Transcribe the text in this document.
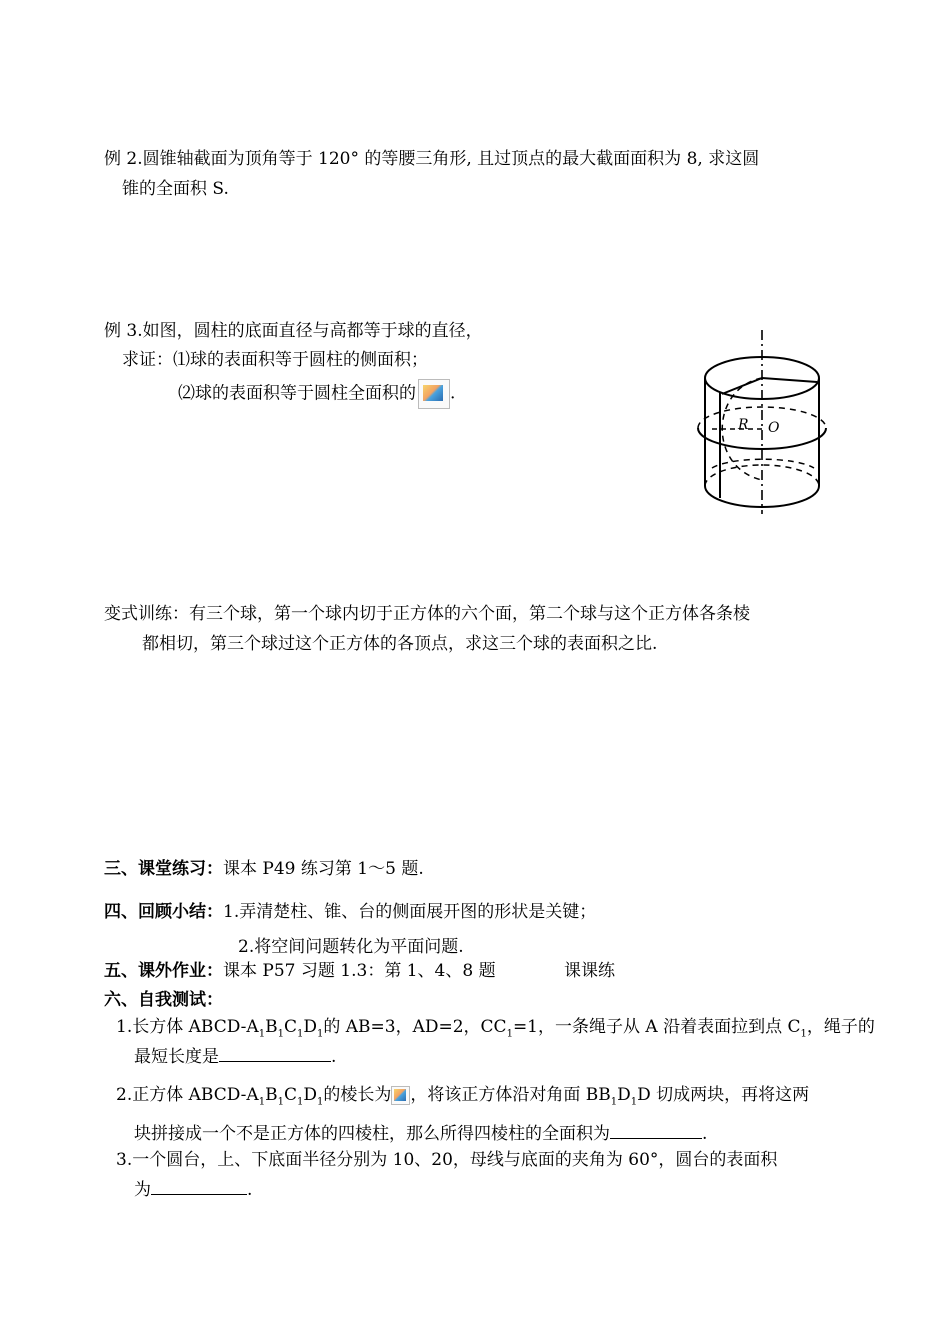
例 2.圆锥轴截面为顶角等于 120° 的等腰三角形, 且过顶点的最大截面面积为 8, 求这圆
锥的全面积 S.
例 3.如图，圆柱的底面直径与高都等于球的直径，
求证：⑴球的表面积等于圆柱的侧面积；
⑵球的表面积等于圆柱全面积的 .
R O
变式训练：有三个球，第一个球内切于正方体的六个面，第二个球与这个正方体各条棱
都相切，第三个球过这个正方体的各顶点，求这三个球的表面积之比.
三、课堂练习：课本 P49 练习第 1～5 题.
四、回顾小结：1.弄清楚柱、锥、台的侧面展开图的形状是关键；
2.将空间问题转化为平面问题.
五、课外作业：课本 P57 习题 1.3：第 1、4、8 题	课课练
六、自我测试：
1.长方体 ABCD-$A_1B_1C_1D_1$的 AB=3，AD=2，$CC_1=1$，一条绳子从 A 沿着表面拉到点 $C_1$，绳子的
最短长度是	.
2.正方体 ABCD-$A_1B_1C_1D_1$的棱长为 ，将该正方体沿对角面 $BB_1D_1D$ 切成两块，再将这两
块拼接成一个不是正方体的四棱柱，那么所得四棱柱的全面积为	.
3.一个圆台，上、下底面半径分别为 10、20，母线与底面的夹角为 60°，圆台的表面积
为	.
